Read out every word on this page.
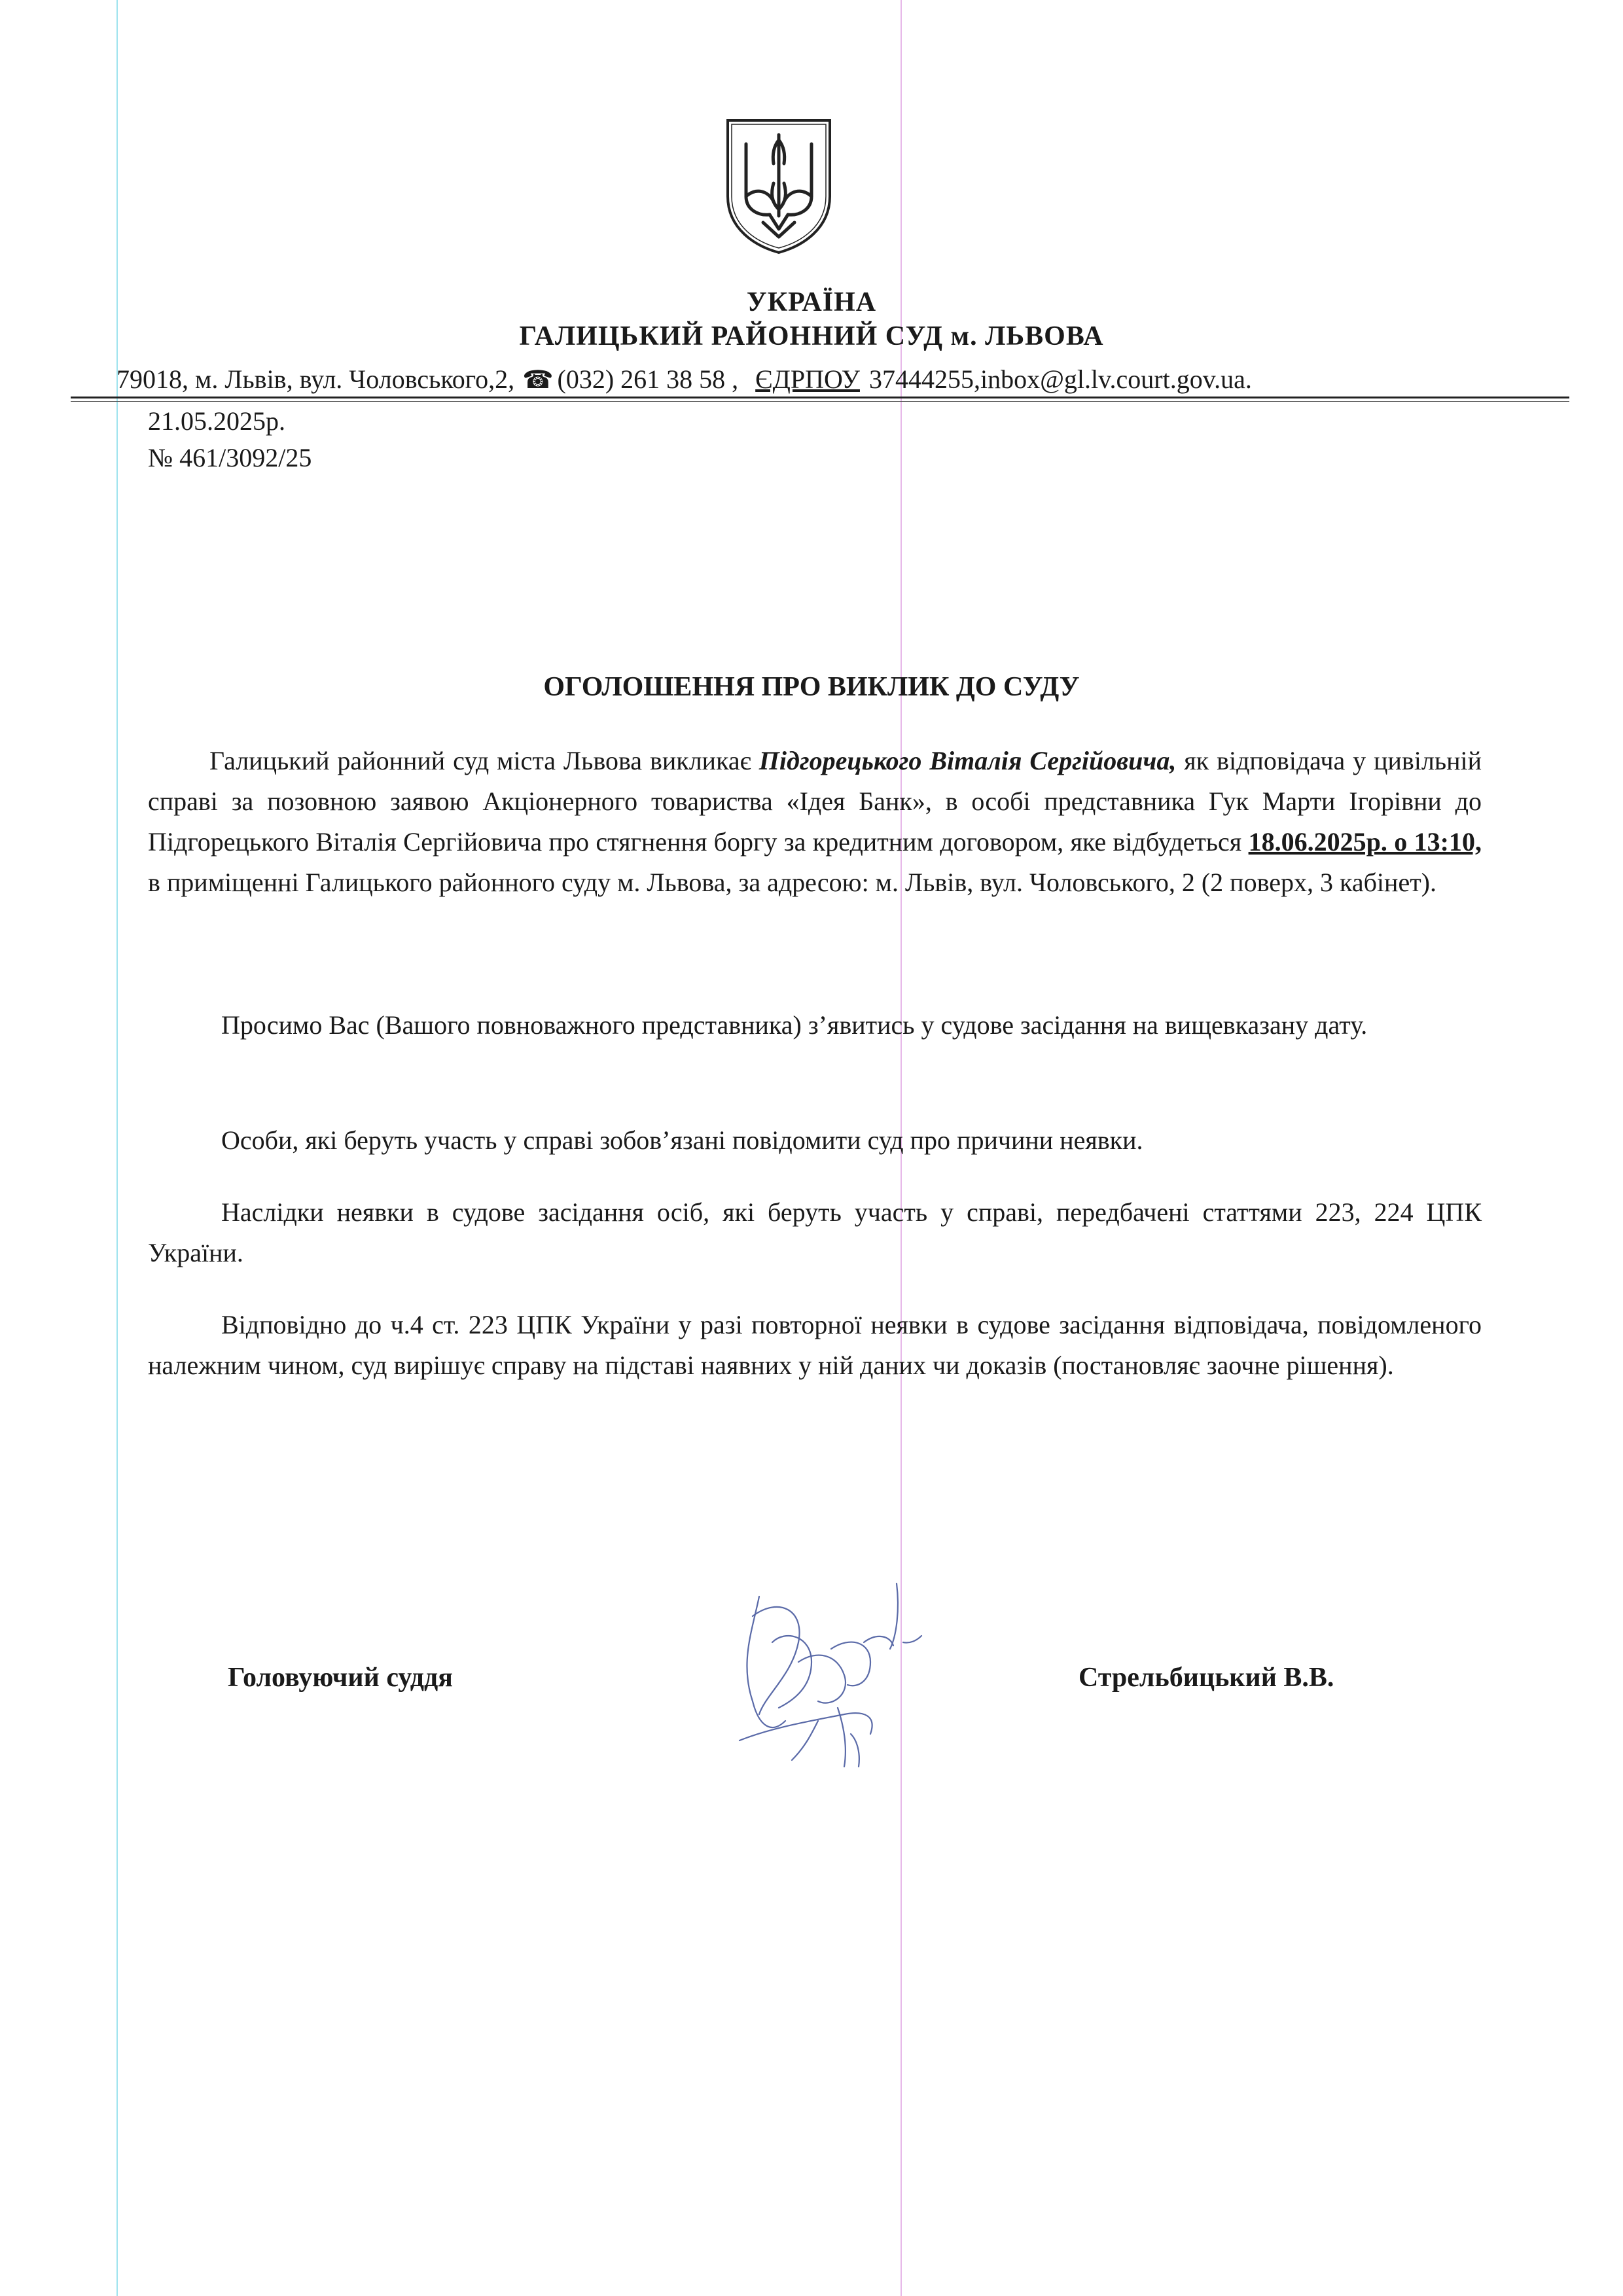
УКРАЇНА
ГАЛИЦЬКИЙ РАЙОННИЙ СУД м. ЛЬВОВА
79018, м. Львів, вул. Чоловського,2, ☎ (032) 261 38 58 , ЄДРПОУ 37444255,inbox@gl.lv.court.gov.ua.
21.05.2025р.
№ 461/3092/25
ОГОЛОШЕННЯ ПРО ВИКЛИК ДО СУДУ
Галицький районний суд міста Львова викликає Підгорецького Віталія Сергійовича, як відповідача у цивільній справі за позовною заявою Акціонерного товариства «Ідея Банк», в особі представника Гук Марти Ігорівни до Підгорецького Віталія Сергійовича про стягнення боргу за кредитним договором, яке відбудеться 18.06.2025р. о 13:10, в приміщенні Галицького районного суду м. Львова, за адресою: м. Львів, вул. Чоловського, 2 (2 поверх, 3 кабінет).
Просимо Вас (Вашого повноважного представника) з’явитись у судове засідання на вищевказану дату.
Особи, які беруть участь у справі зобов’язані повідомити суд про причини неявки.
Наслідки неявки в судове засідання осіб, які беруть участь у справі, передбачені статтями 223, 224 ЦПК України.
Відповідно до ч.4 ст. 223 ЦПК України у разі повторної неявки в судове засідання відповідача, повідомленого належним чином, суд вирішує справу на підставі наявних у ній даних чи доказів (постановляє заочне рішення).
Головуючий суддя	Стрельбицький В.В.
